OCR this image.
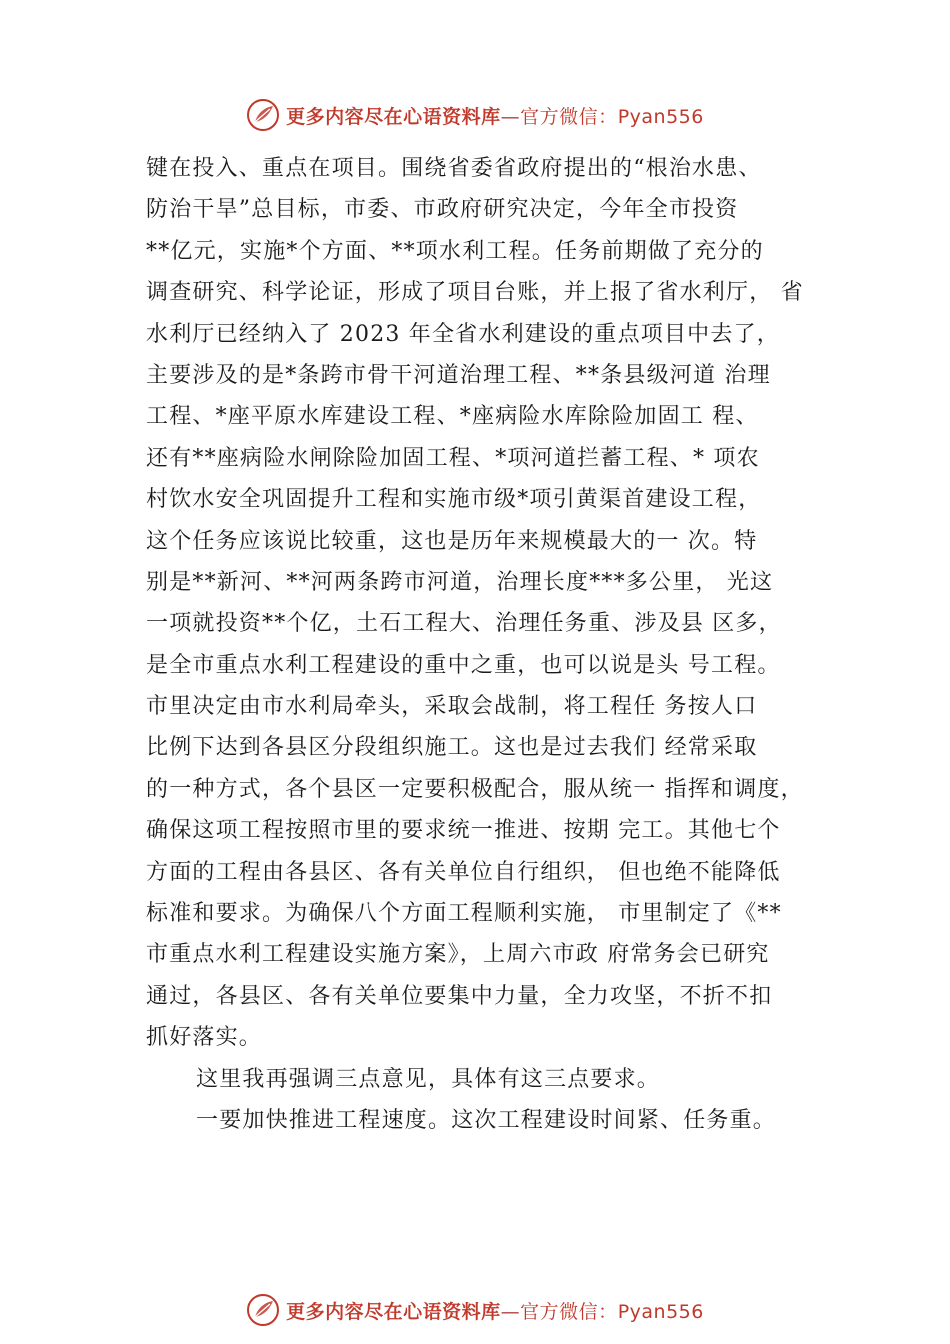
更多内容尽在心语资料库—官方微信：Pyan556
键在投入、重点在项目。围绕省委省政府提出的“根治水患、
防治干旱”总目标，市委、市政府研究决定，今年全市投资
**亿元，实施*个方面、**项水利工程。任务前期做了充分的
调查研究、科学论证，形成了项目台账，并上报了省水利厅， 省
水利厅已经纳入了 2023 年全省水利建设的重点项目中去了，
主要涉及的是*条跨市骨干河道治理工程、**条县级河道 治理
工程、*座平原水库建设工程、*座病险水库除险加固工 程、
还有**座病险水闸除险加固工程、*项河道拦蓄工程、* 项农
村饮水安全巩固提升工程和实施市级*项引黄渠首建设工程，
这个任务应该说比较重，这也是历年来规模最大的一 次。特
别是**新河、**河两条跨市河道，治理长度***多公里， 光这
一项就投资**个亿，土石工程大、治理任务重、涉及县 区多，
是全市重点水利工程建设的重中之重，也可以说是头 号工程。
市里决定由市水利局牵头，采取会战制，将工程任 务按人口
比例下达到各县区分段组织施工。这也是过去我们 经常采取
的一种方式，各个县区一定要积极配合，服从统一 指挥和调度，
确保这项工程按照市里的要求统一推进、按期 完工。其他七个
方面的工程由各县区、各有关单位自行组织， 但也绝不能降低
标准和要求。为确保八个方面工程顺利实施， 市里制定了《**
市重点水利工程建设实施方案》，上周六市政 府常务会已研究
通过，各县区、各有关单位要集中力量，全力攻坚，不折不扣
抓好落实。
这里我再强调三点意见，具体有这三点要求。
一要加快推进工程速度。这次工程建设时间紧、任务重。
更多内容尽在心语资料库—官方微信：Pyan556
